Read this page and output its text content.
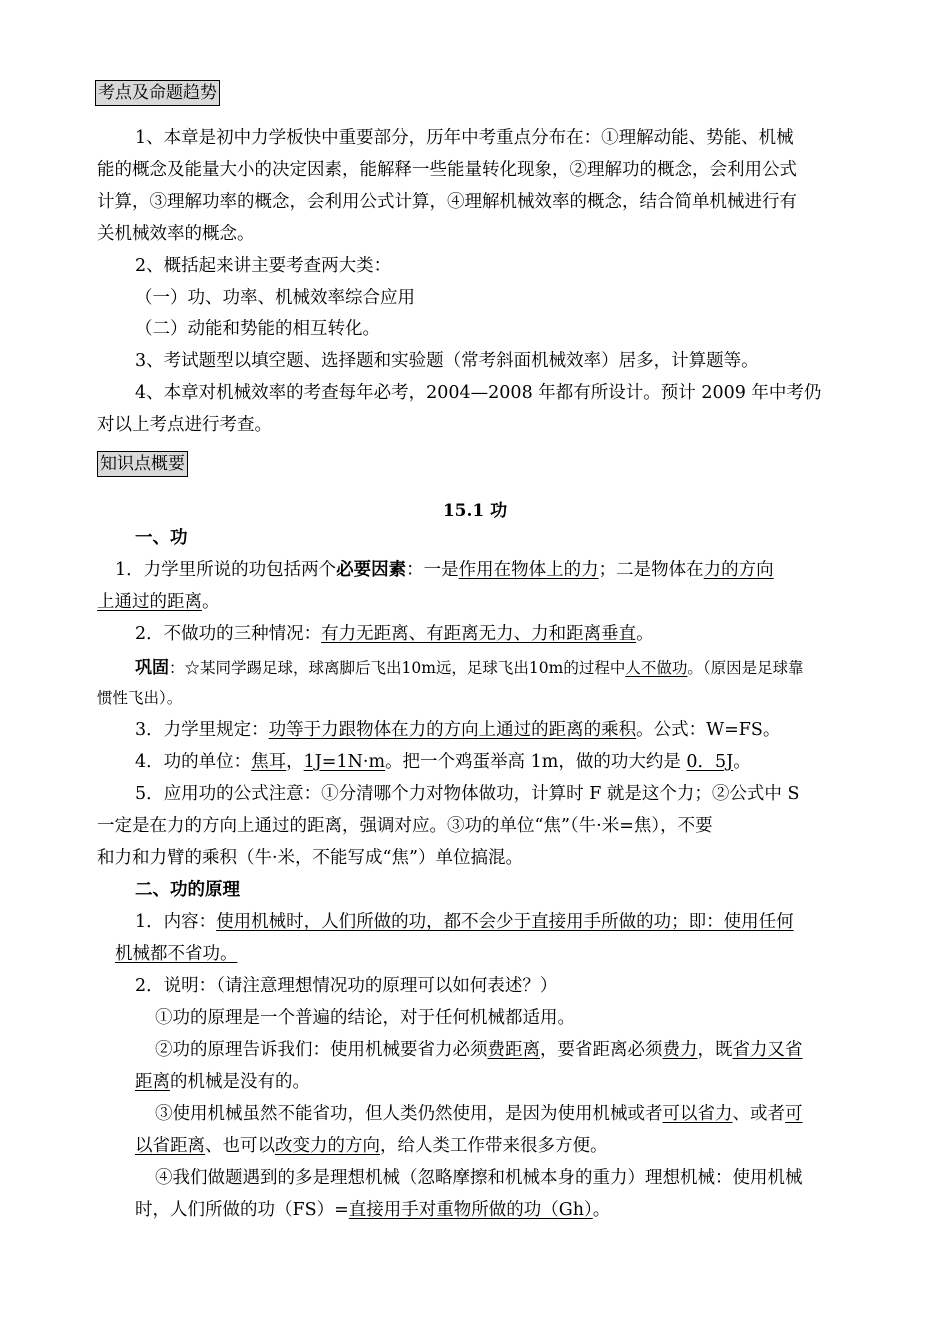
考点及命题趋势
1、本章是初中力学板快中重要部分，历年中考重点分布在：①理解动能、势能、机械
能的概念及能量大小的决定因素，能解释一些能量转化现象，②理解功的概念，会利用公式
计算，③理解功率的概念，会利用公式计算，④理解机械效率的概念，结合简单机械进行有
关机械效率的概念。
2、概括起来讲主要考查两大类：
（一）功、功率、机械效率综合应用
（二）动能和势能的相互转化。
3、考试题型以填空题、选择题和实验题（常考斜面机械效率）居多，计算题等。
4、本章对机械效率的考查每年必考，2004—2008 年都有所设计。预计 2009 年中考仍
对以上考点进行考查。
知识点概要
15.1 功
一、功
1．力学里所说的功包括两个必要因素：一是作用在物体上的力；二是物体在力的方向
上通过的距离。
2．不做功的三种情况：有力无距离、有距离无力、力和距离垂直。
巩固：☆某同学踢足球，球离脚后飞出10m远，足球飞出10m的过程中人不做功。（原因是足球靠
惯性飞出）。
3．力学里规定：功等于力跟物体在力的方向上通过的距离的乘积。公式：W=FS。
4．功的单位：焦耳，1J=1N·m。把一个鸡蛋举高 1m，做的功大约是 0．5J。
5．应用功的公式注意：①分清哪个力对物体做功，计算时 F 就是这个力；②公式中 S
一定是在力的方向上通过的距离，强调对应。③功的单位“焦”（牛·米=焦），不要
和力和力臂的乘积（牛·米，不能写成“焦”）单位搞混。
二、功的原理
1．内容：使用机械时，人们所做的功，都不会少于直接用手所做的功；即：使用任何
机械都不省功。
2．说明：（请注意理想情况功的原理可以如何表述？）
①功的原理是一个普遍的结论，对于任何机械都适用。
②功的原理告诉我们：使用机械要省力必须费距离，要省距离必须费力，既省力又省
距离的机械是没有的。
③使用机械虽然不能省功，但人类仍然使用，是因为使用机械或者可以省力、或者可
以省距离、也可以改变力的方向，给人类工作带来很多方便。
④我们做题遇到的多是理想机械（忽略摩擦和机械本身的重力）理想机械：使用机械
时，人们所做的功（FS）=直接用手对重物所做的功（Gh）。
